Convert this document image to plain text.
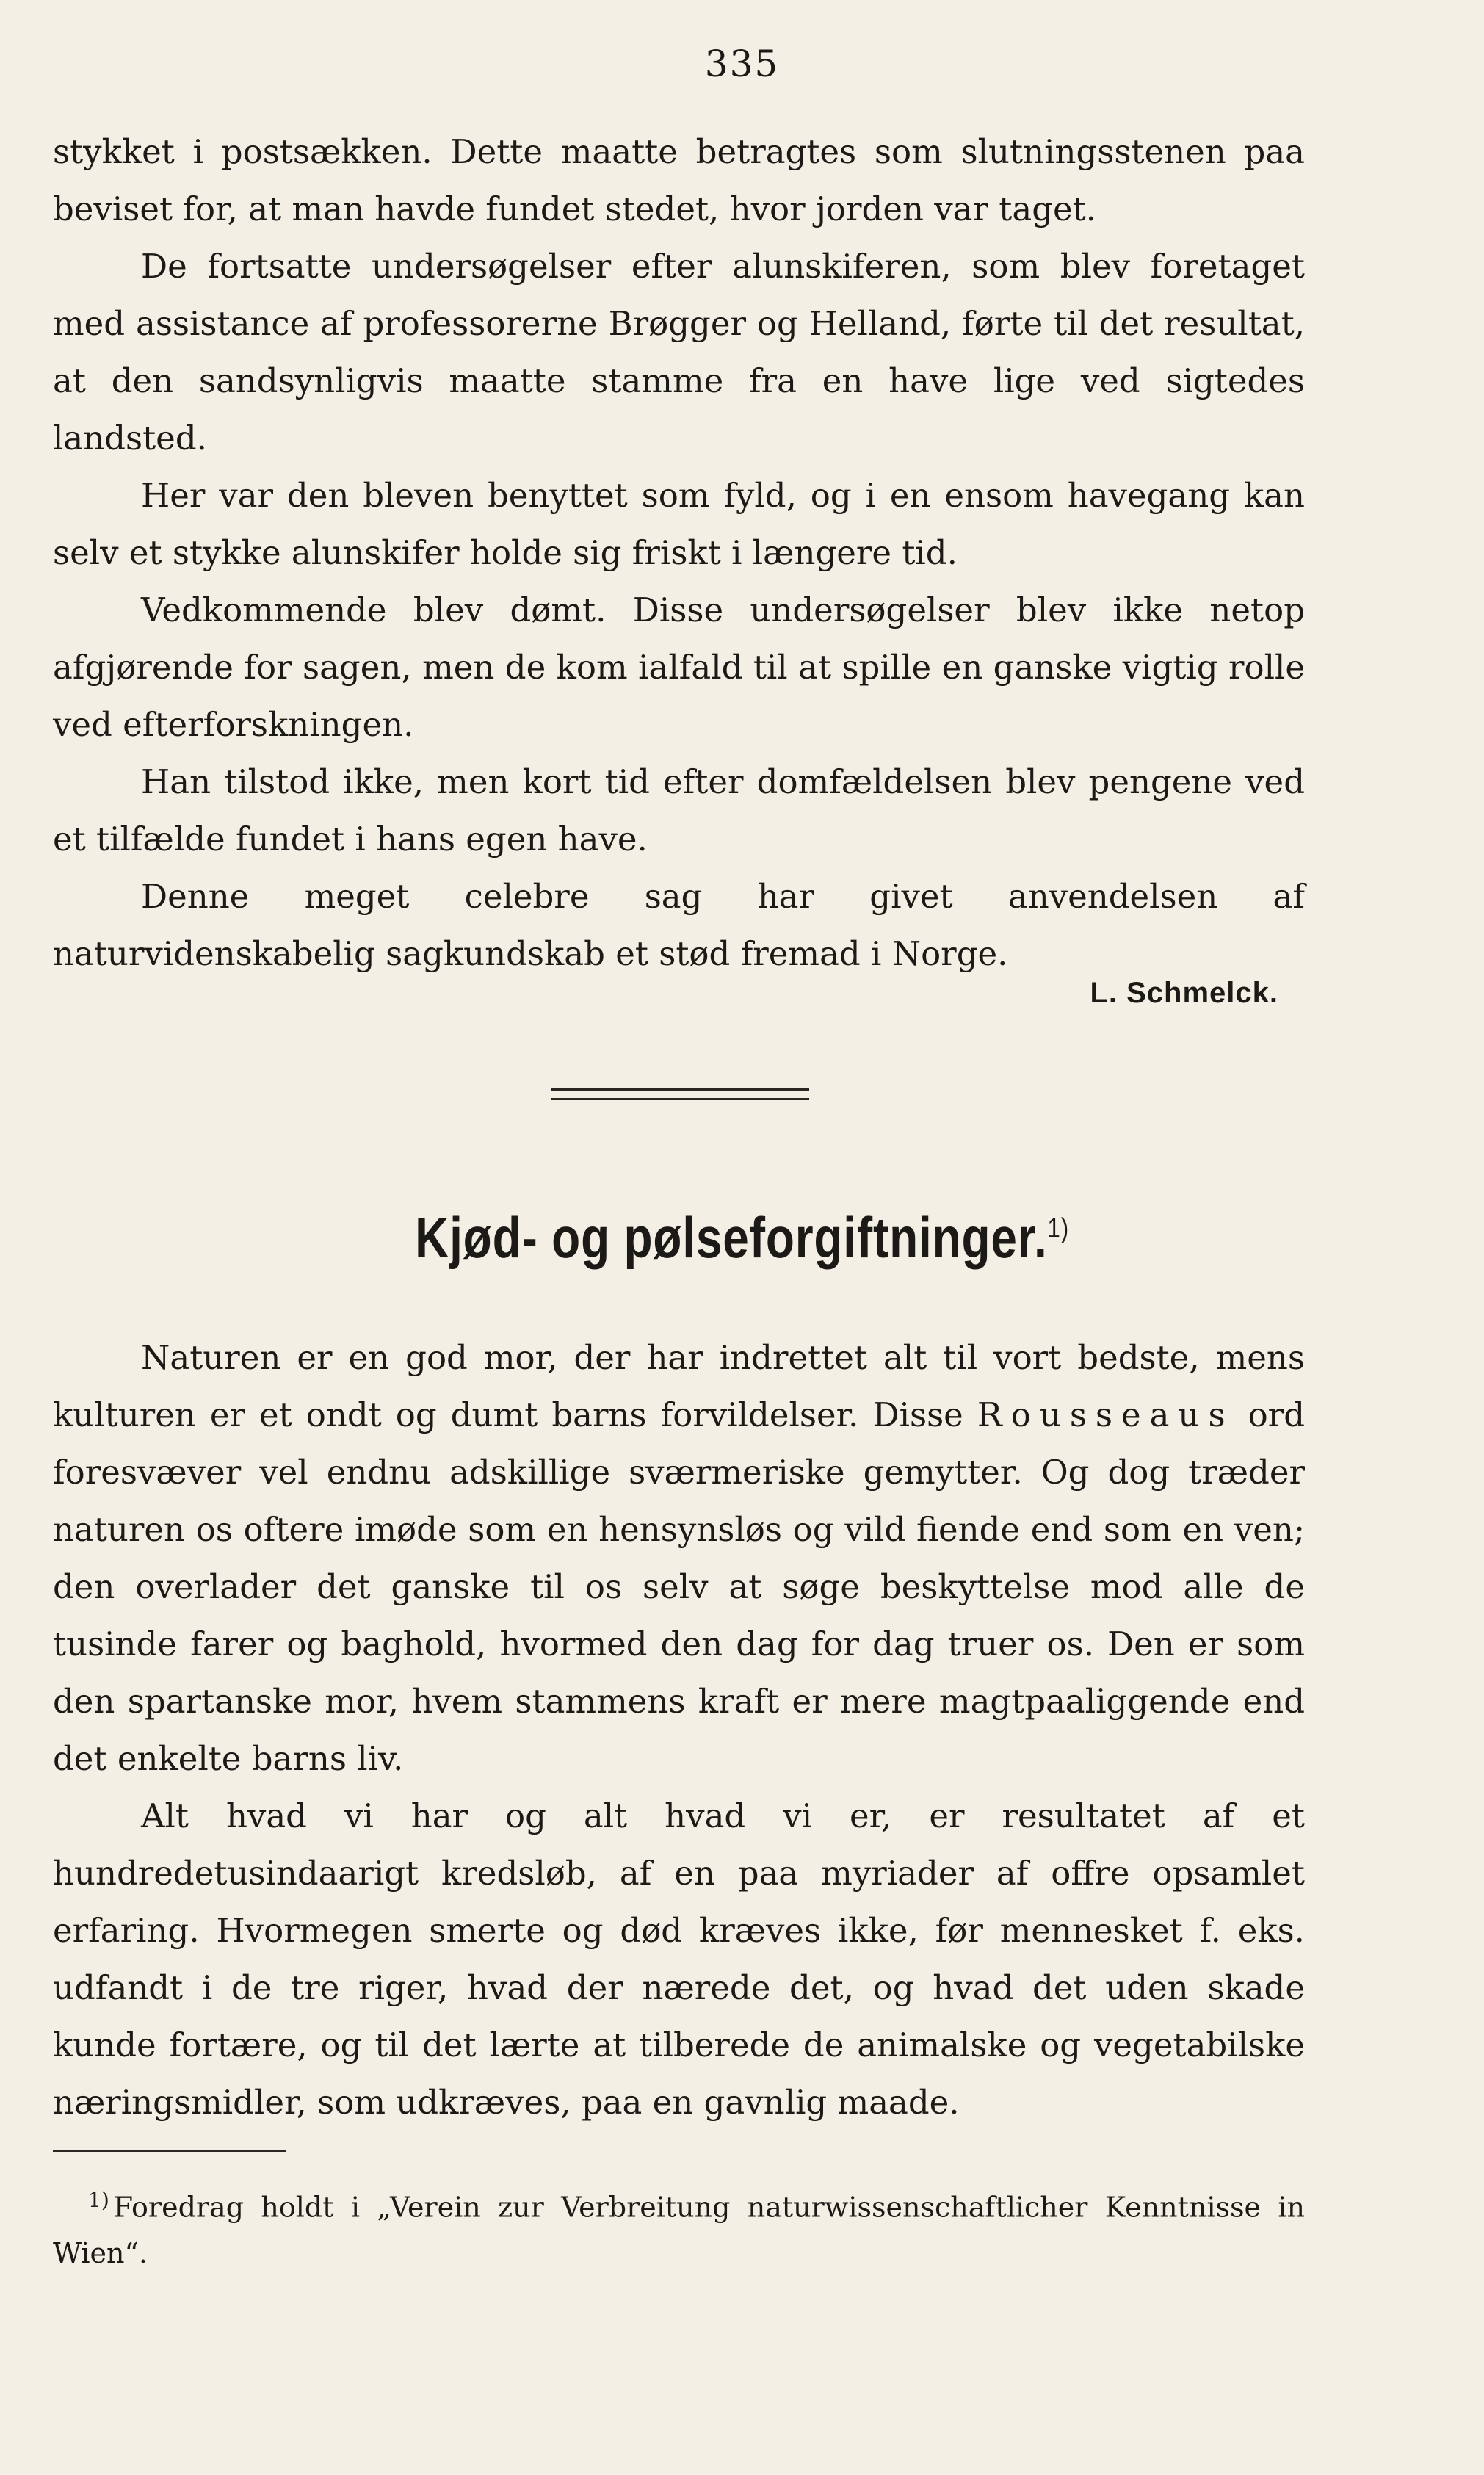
335

stykket i postsækken. Dette maatte betragtes som slutningsstenen paa beviset for, at man havde fundet stedet, hvor jorden var taget.

De fortsatte undersøgelser efter alunskiferen, som blev foretaget med assistance af professorerne Brøgger og Helland, førte til det resultat, at den sandsynligvis maatte stamme fra en have lige ved sigtedes landsted.

Her var den bleven benyttet som fyld, og i en ensom havegang kan selv et stykke alunskifer holde sig friskt i længere tid.

Vedkommende blev dømt. Disse undersøgelser blev ikke netop afgjørende for sagen, men de kom ialfald til at spille en ganske vigtig rolle ved efterforskningen.

Han tilstod ikke, men kort tid efter domfældelsen blev pengene ved et tilfælde fundet i hans egen have.

Denne meget celebre sag har givet anvendelsen af naturvidenskabelig sagkundskab et stød fremad i Norge.

L. Schmelck.
Kjød- og pølseforgiftninger.$^{1)}$

Naturen er en god mor, der har indrettet alt til vort bedste, mens kulturen er et ondt og dumt barns forvildelser. Disse Rousseaus ord foresvæver vel endnu adskillige sværmeriske gemytter. Og dog træder naturen os oftere imøde som en hensynsløs og vild fiende end som en ven; den overlader det ganske til os selv at søge beskyttelse mod alle de tusinde farer og baghold, hvormed den dag for dag truer os. Den er som den spartanske mor, hvem stammens kraft er mere magtpaaliggende end det enkelte barns liv.

Alt hvad vi har og alt hvad vi er, er resultatet af et hundredetusindaarigt kredsløb, af en paa myriader af offre opsamlet erfaring. Hvormegen smerte og død kræves ikke, før mennesket f. eks. udfandt i de tre riger, hvad der nærede det, og hvad det uden skade kunde fortære, og til det lærte at tilberede de animalske og vegetabilske næringsmidler, som udkræves, paa en gavnlig maade.

$^{1)}$ Foredrag holdt i „Verein zur Verbreitung naturwissenschaftlicher Kenntnisse in Wien“.
